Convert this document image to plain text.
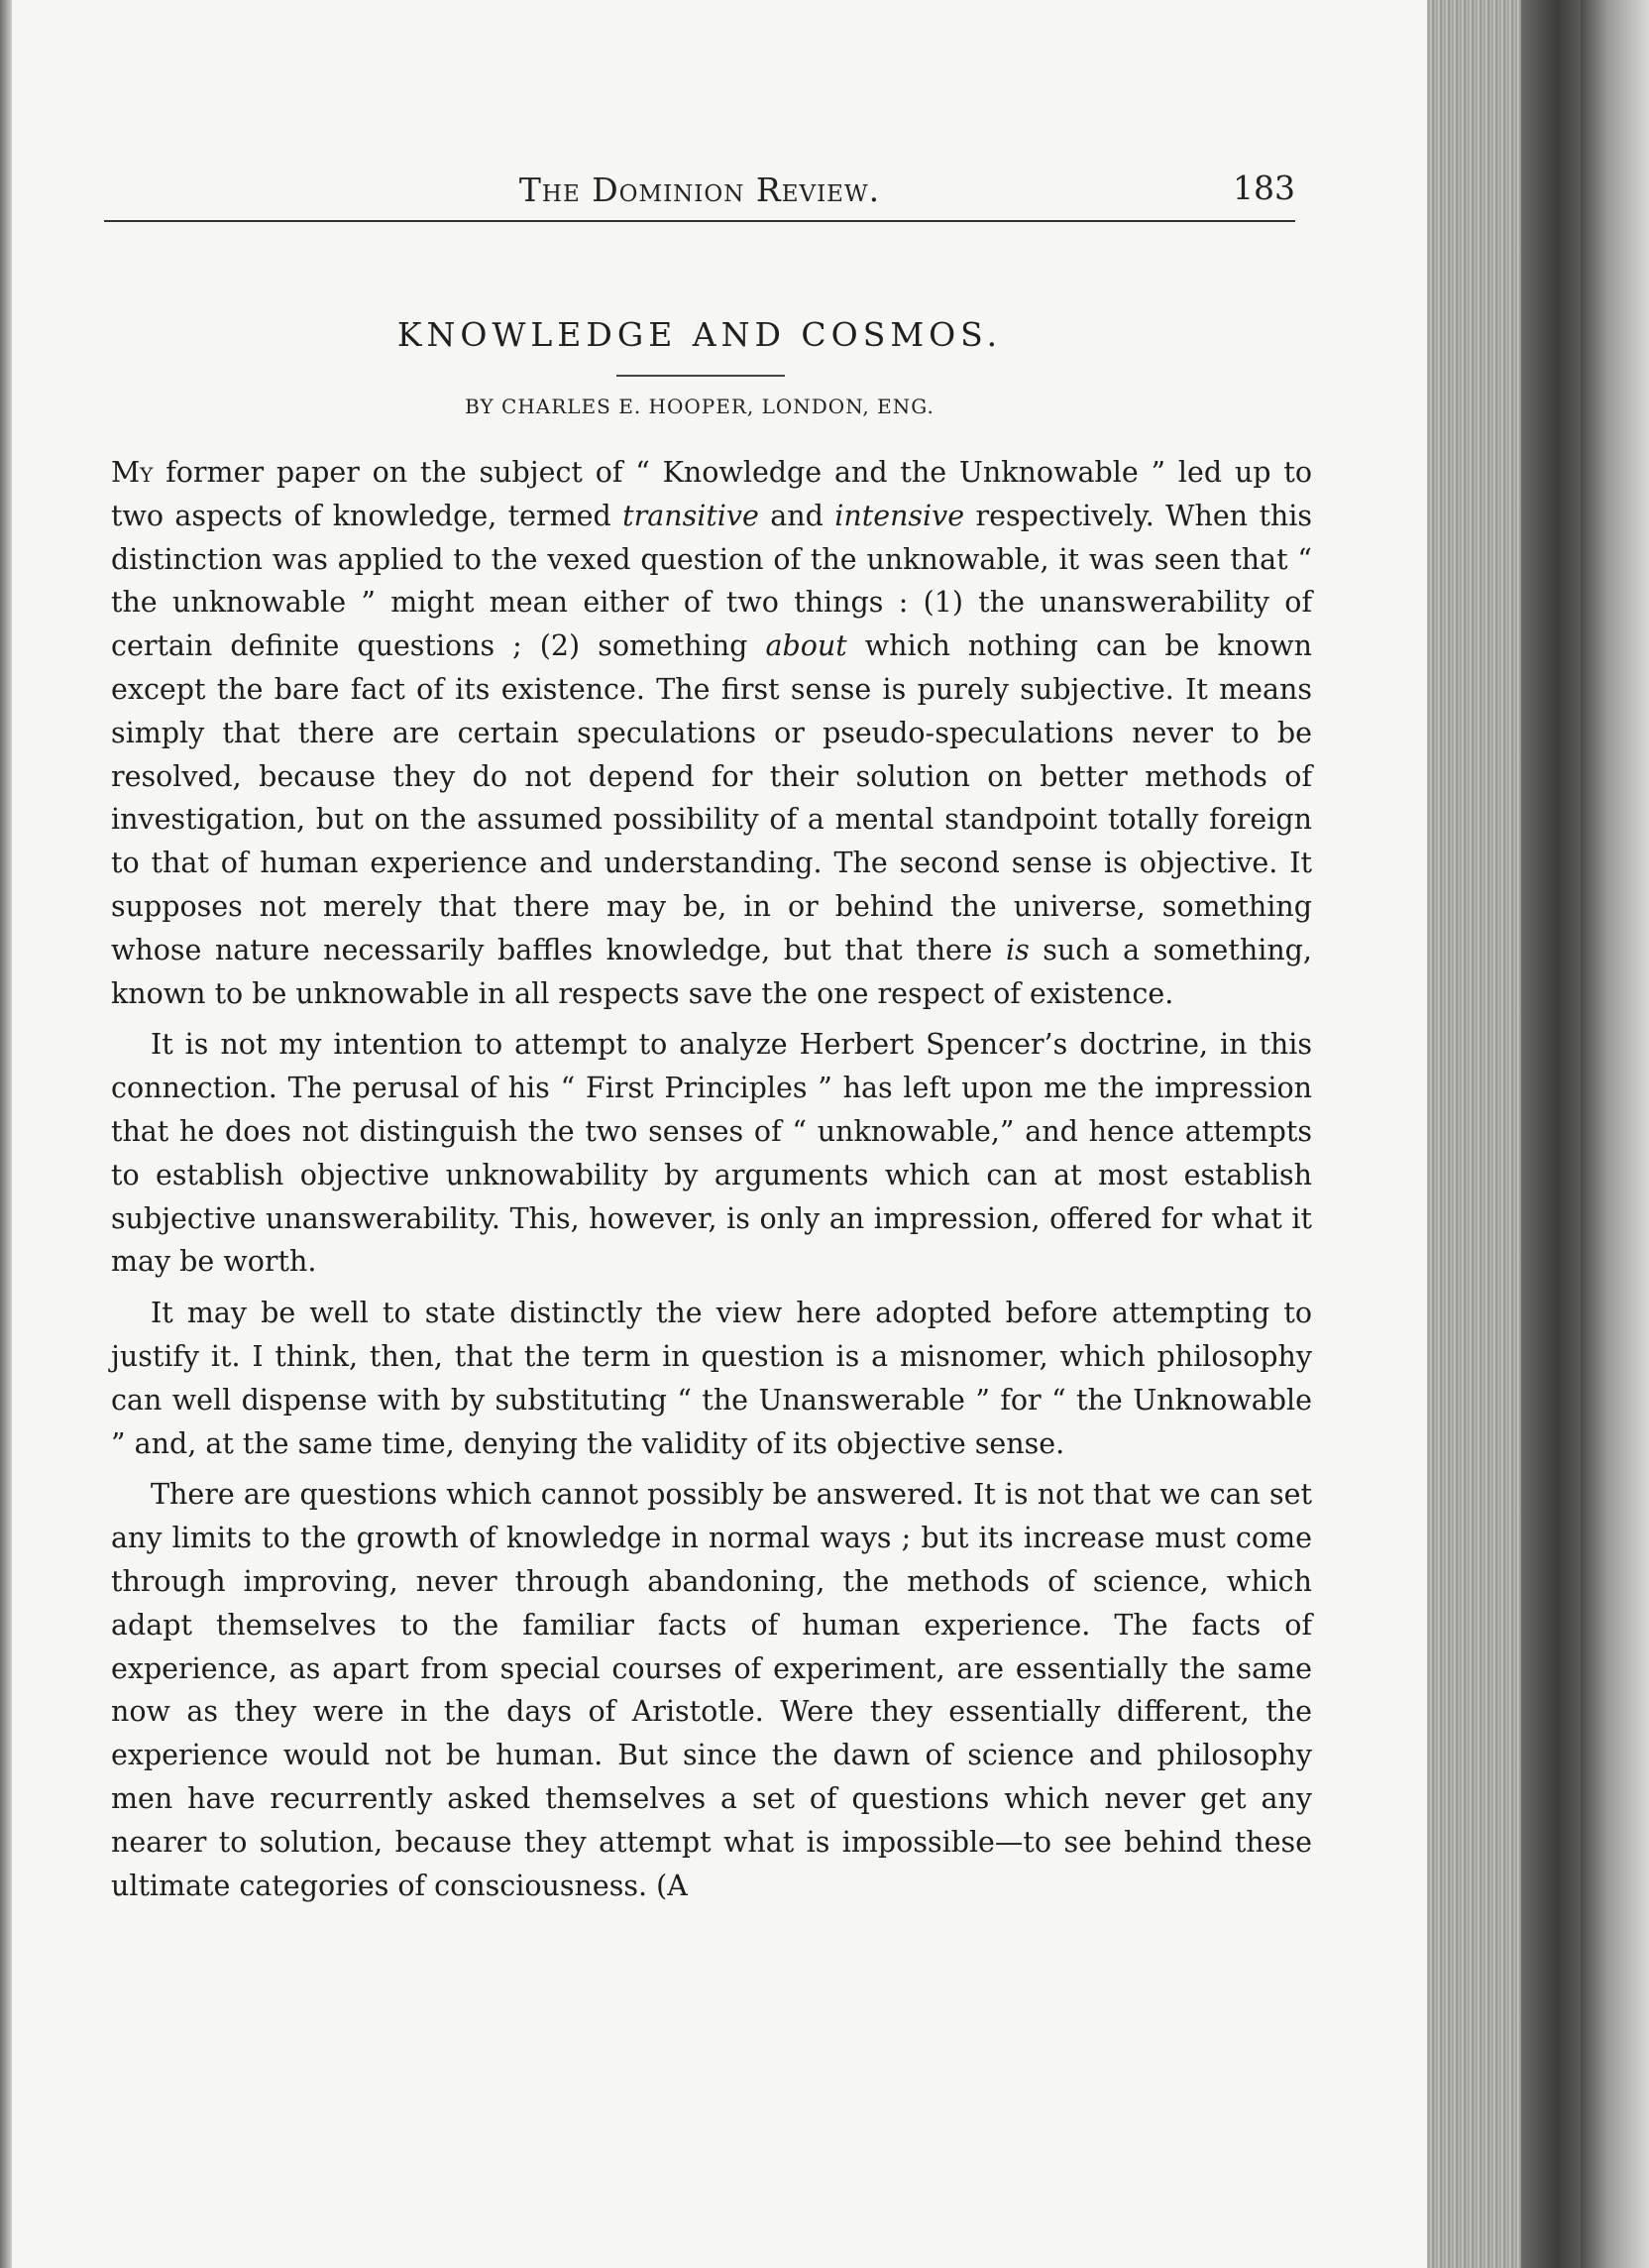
The Dominion Review.	183
KNOWLEDGE AND COSMOS.
BY CHARLES E. HOOPER, LONDON, ENG.

My former paper on the subject of “ Knowledge and the Unknowable ” led up to two aspects of knowledge, termed transitive and intensive respectively. When this distinction was applied to the vexed question of the unknowable, it was seen that “ the unknowable ” might mean either of two things : (1) the unanswerability of certain definite questions ; (2) something about which nothing can be known except the bare fact of its existence. The first sense is purely subjective. It means simply that there are certain speculations or pseudo-speculations never to be resolved, because they do not depend for their solution on better methods of investigation, but on the assumed possibility of a mental standpoint totally foreign to that of human experience and understanding. The second sense is objective. It supposes not merely that there may be, in or behind the universe, something whose nature necessarily baffles knowledge, but that there is such a something, known to be unknowable in all respects save the one respect of existence.

It is not my intention to attempt to analyze Herbert Spencer’s doctrine, in this connection. The perusal of his “ First Principles ” has left upon me the impression that he does not distinguish the two senses of “ unknowable,” and hence attempts to establish objective unknowability by arguments which can at most establish subjective unanswerability. This, however, is only an impression, offered for what it may be worth.

It may be well to state distinctly the view here adopted before attempting to justify it. I think, then, that the term in question is a misnomer, which philosophy can well dispense with by substituting “ the Unanswerable ” for “ the Unknowable ” and, at the same time, denying the validity of its objective sense.

There are questions which cannot possibly be answered. It is not that we can set any limits to the growth of knowledge in normal ways ; but its increase must come through improving, never through abandoning, the methods of science, which adapt themselves to the familiar facts of human experience. The facts of experience, as apart from special courses of experiment, are essentially the same now as they were in the days of Aristotle. Were they essentially different, the experience would not be human. But since the dawn of science and philosophy men have recurrently asked themselves a set of questions which never get any nearer to solution, because they attempt what is impossible—to see behind these ultimate categories of consciousness. (A
